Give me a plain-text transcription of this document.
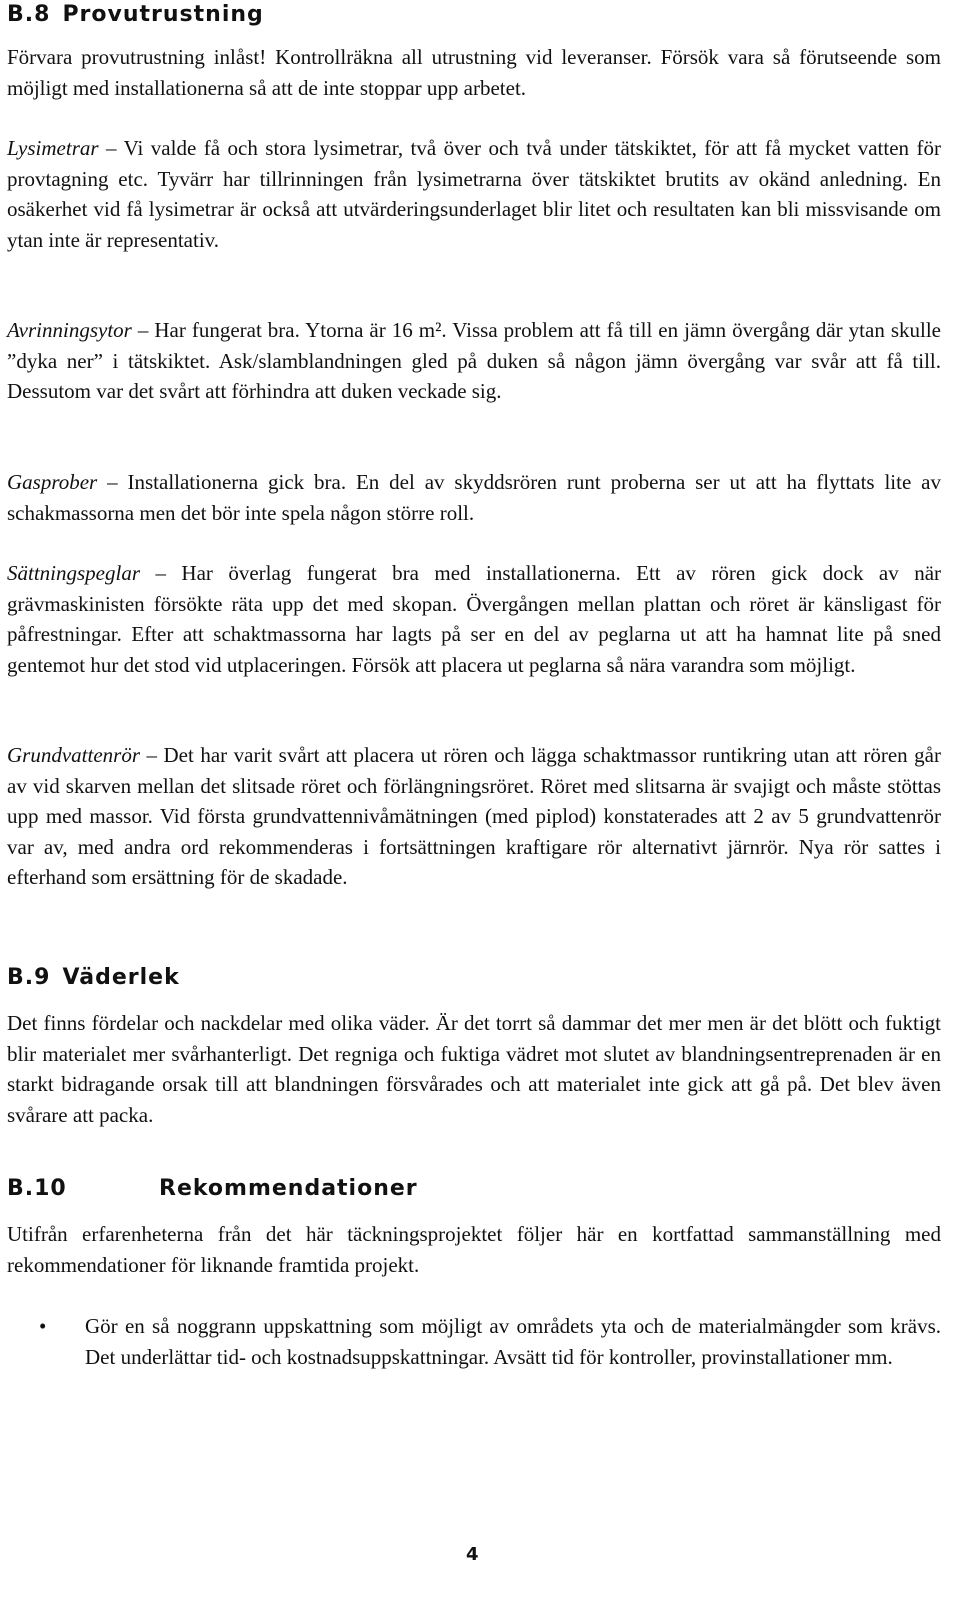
B.8 Provutrustning

Förvara provutrustning inlåst! Kontrollräkna all utrustning vid leveranser. Försök vara så förutseende som möjligt med installationerna så att de inte stoppar upp arbetet.

Lysimetrar – Vi valde få och stora lysimetrar, två över och två under tätskiktet, för att få mycket vatten för provtagning etc. Tyvärr har tillrinningen från lysimetrarna över tätskiktet brutits av okänd anledning. En osäkerhet vid få lysimetrar är också att utvärderingsunderlaget blir litet och resultaten kan bli missvisande om ytan inte är representativ.

Avrinningsytor – Har fungerat bra. Ytorna är 16 m². Vissa problem att få till en jämn övergång där ytan skulle ”dyka ner” i tätskiktet. Ask/slamblandningen gled på duken så någon jämn övergång var svår att få till. Dessutom var det svårt att förhindra att duken veckade sig.

Gasprober – Installationerna gick bra. En del av skyddsrören runt proberna ser ut att ha flyttats lite av schakmassorna men det bör inte spela någon större roll.

Sättningspeglar – Har överlag fungerat bra med installationerna. Ett av rören gick dock av när grävmaskinisten försökte räta upp det med skopan. Övergången mellan plattan och röret är känsligast för påfrestningar. Efter att schaktmassorna har lagts på ser en del av peglarna ut att ha hamnat lite på sned gentemot hur det stod vid utplaceringen. Försök att placera ut peglarna så nära varandra som möjligt.

Grundvattenrör – Det har varit svårt att placera ut rören och lägga schaktmassor runtikring utan att rören går av vid skarven mellan det slitsade röret och förlängningsröret. Röret med slitsarna är svajigt och måste stöttas upp med massor. Vid första grundvattennivåmätningen (med piplod) konstaterades att 2 av 5 grundvattenrör var av, med andra ord rekommenderas i fortsättningen kraftigare rör alternativt järnrör. Nya rör sattes i efterhand som ersättning för de skadade.

B.9 Väderlek

Det finns fördelar och nackdelar med olika väder. Är det torrt så dammar det mer men är det blött och fuktigt blir materialet mer svårhanterligt. Det regniga och fuktiga vädret mot slutet av blandningsentreprenaden är en starkt bidragande orsak till att blandningen försvårades och att materialet inte gick att gå på. Det blev även svårare att packa.

B.10	Rekommendationer

Utifrån erfarenheterna från det här täckningsprojektet följer här en kortfattad sammanställning med rekommendationer för liknande framtida projekt.

• Gör en så noggrann uppskattning som möjligt av områdets yta och de materialmängder som krävs. Det underlättar tid- och kostnadsuppskattningar. Avsätt tid för kontroller, provinstallationer mm.
4
